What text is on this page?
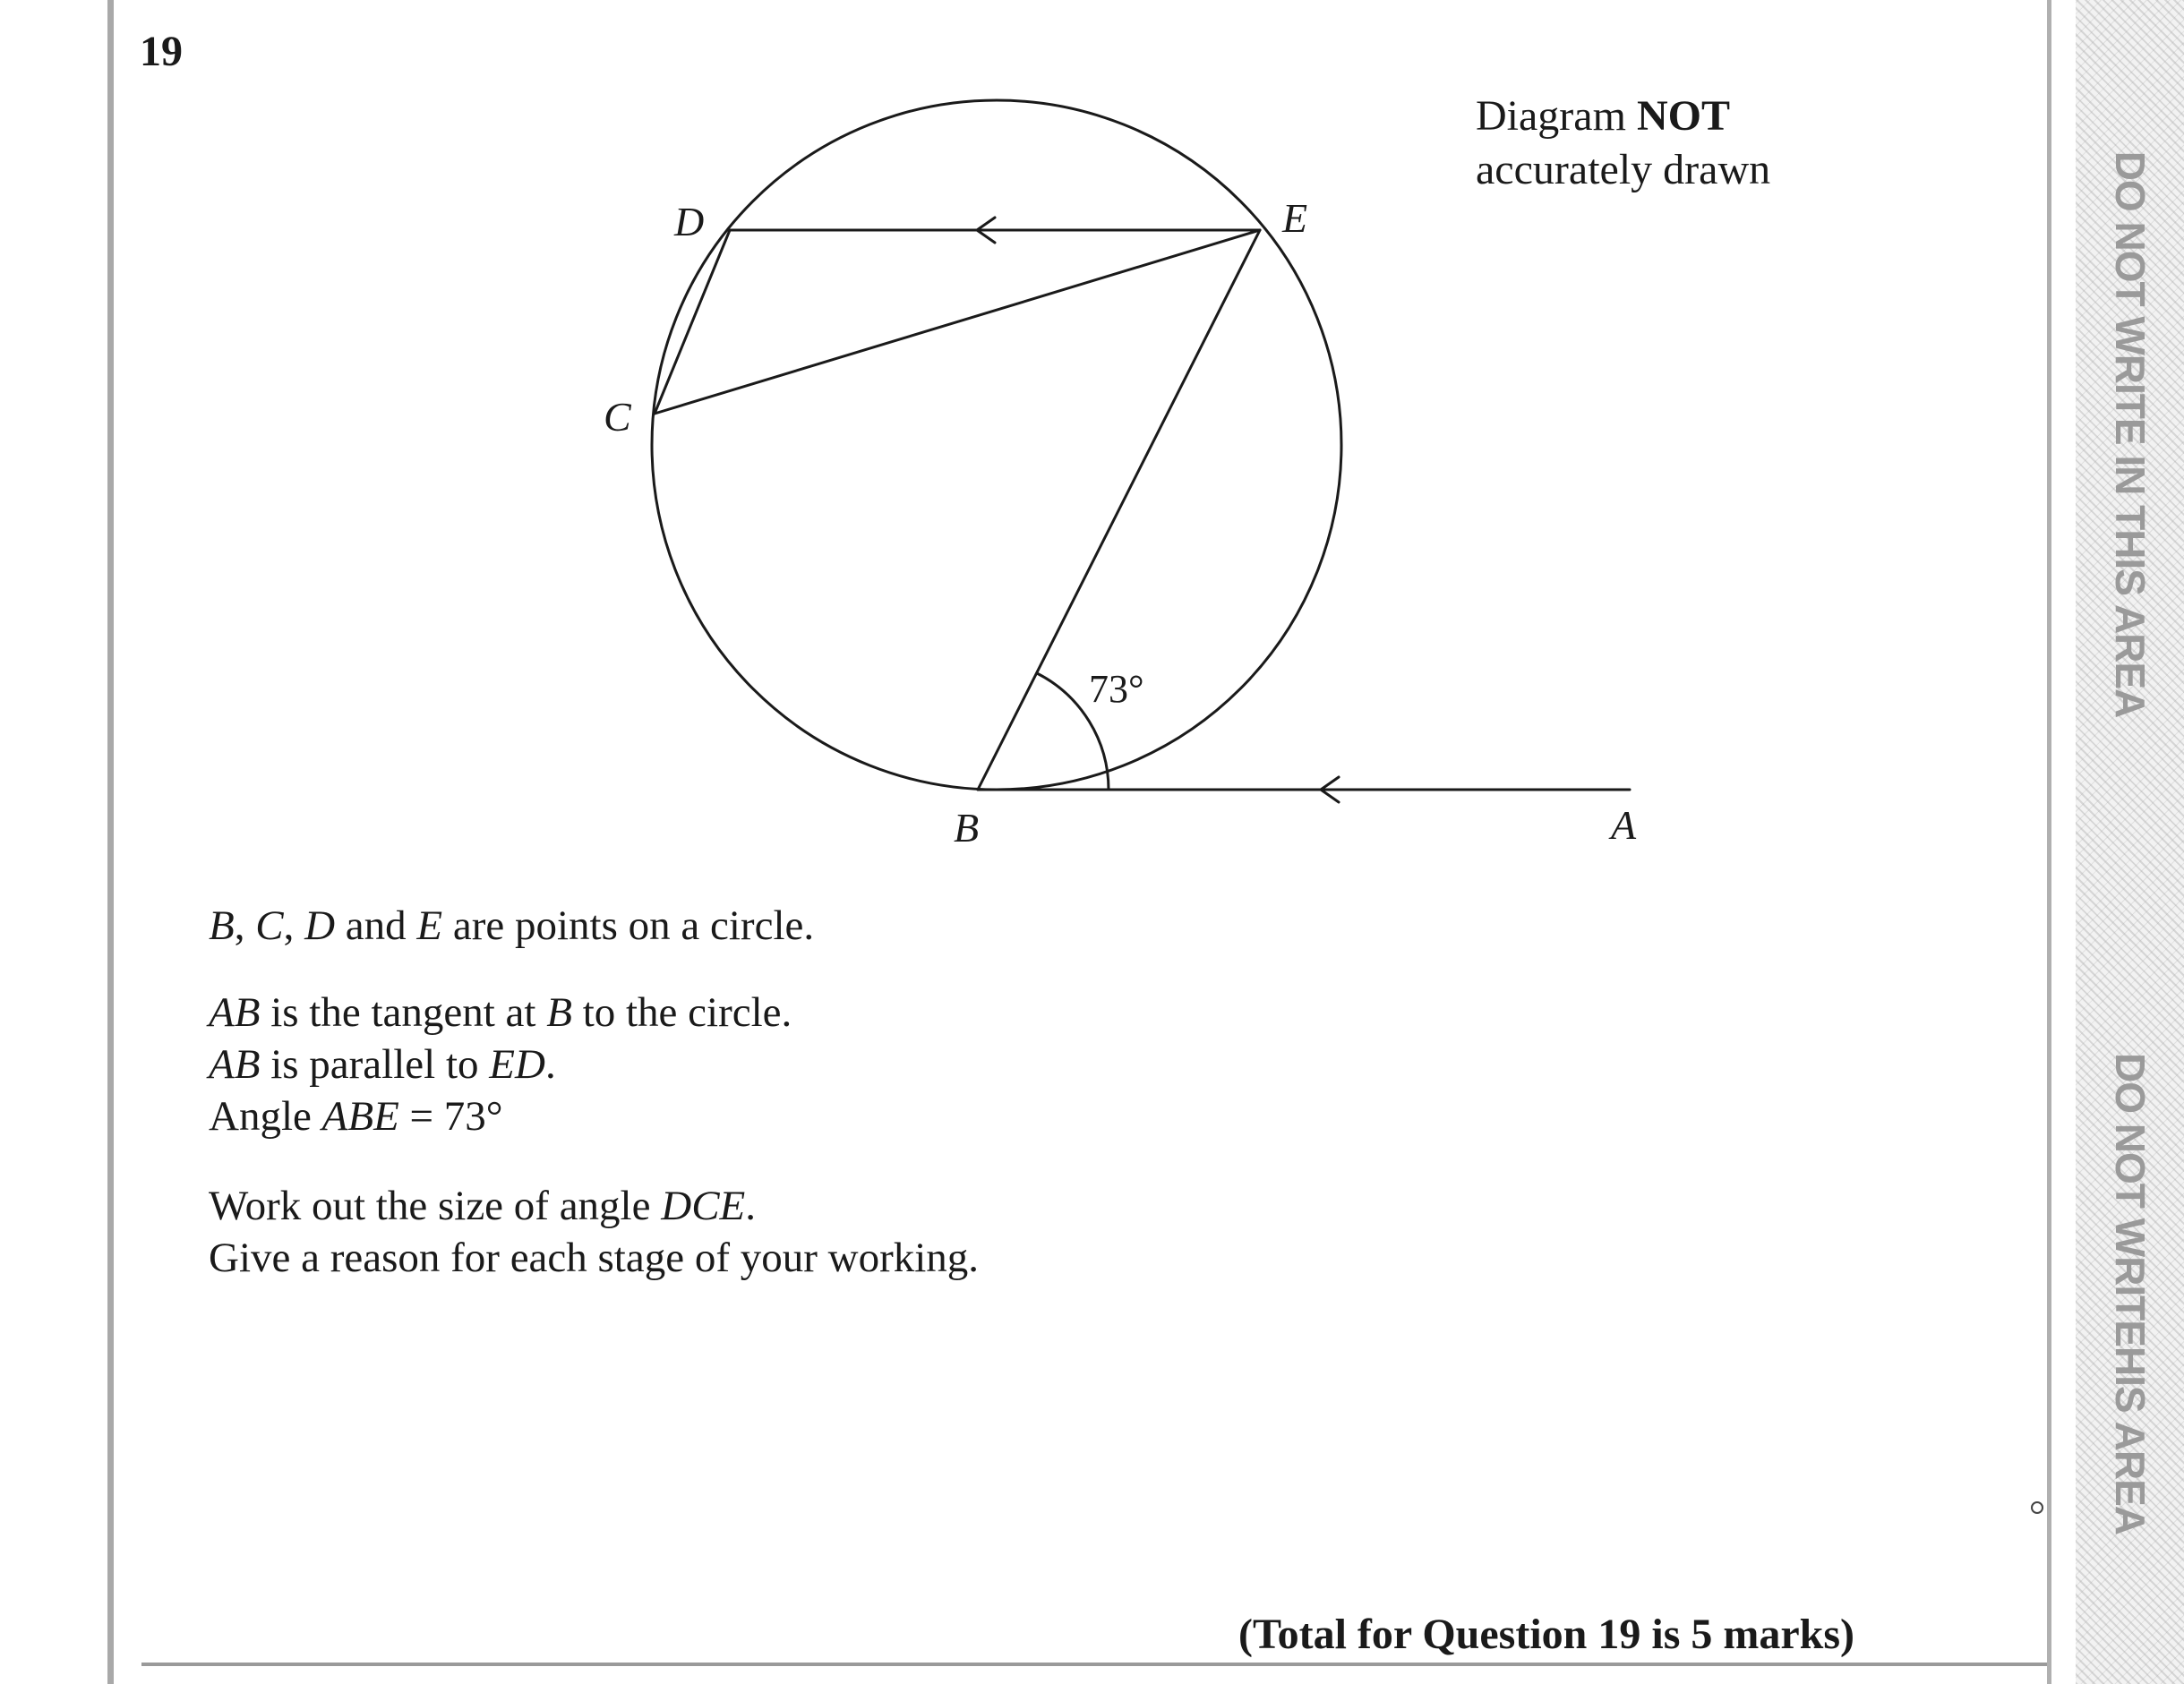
DO NOT WRITE IN THIS AREA
DO NOT WRITEHIS AREA
19
Diagram NOT
accurately drawn
D	E
C
B	A
73°

B, C, D and E are points on a circle.

AB is the tangent at B to the circle.

AB is parallel to ED.

Angle ABE = 73°

Work out the size of angle DCE.

Give a reason for each stage of your working.

(Total for Question 19 is 5 marks)
